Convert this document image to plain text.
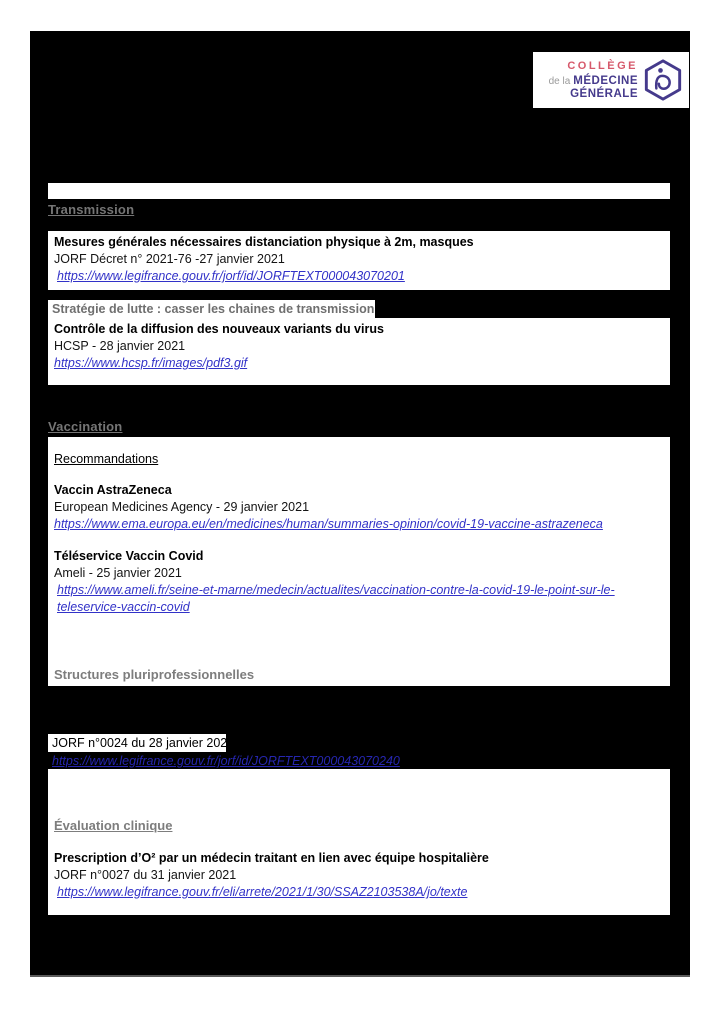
COLLÈGE
de la MÉDECINE
GÉNÉRALE
Transmission
Mesures générales nécessaires distanciation physique à 2m, masques
JORF Décret n° 2021-76 -27 janvier 2021
https://www.legifrance.gouv.fr/jorf/id/JORFTEXT000043070201
Stratégie de lutte : casser les chaines de transmission
Contrôle de la diffusion des nouveaux variants du virus
HCSP - 28 janvier 2021
https://www.hcsp.fr/images/pdf3.gif
Vaccination
Recommandations
Vaccin AstraZeneca
European Medicines Agency - 29 janvier 2021
https://www.ema.europa.eu/en/medicines/human/summaries-opinion/covid-19-vaccine-astrazeneca
Téléservice Vaccin Covid
Ameli - 25 janvier 2021
https://www.ameli.fr/seine-et-marne/medecin/actualites/vaccination-contre-la-covid-19-le-point-sur-le-teleservice-vaccin-covid
Structures pluriprofessionnelles
JORF n°0024 du 28 janvier 2021
https://www.legifrance.gouv.fr/jorf/id/JORFTEXT000043070240
Évaluation clinique
Prescription d’O² par un médecin traitant en lien avec équipe hospitalière
JORF n°0027 du 31 janvier 2021
https://www.legifrance.gouv.fr/eli/arrete/2021/1/30/SSAZ2103538A/jo/texte
